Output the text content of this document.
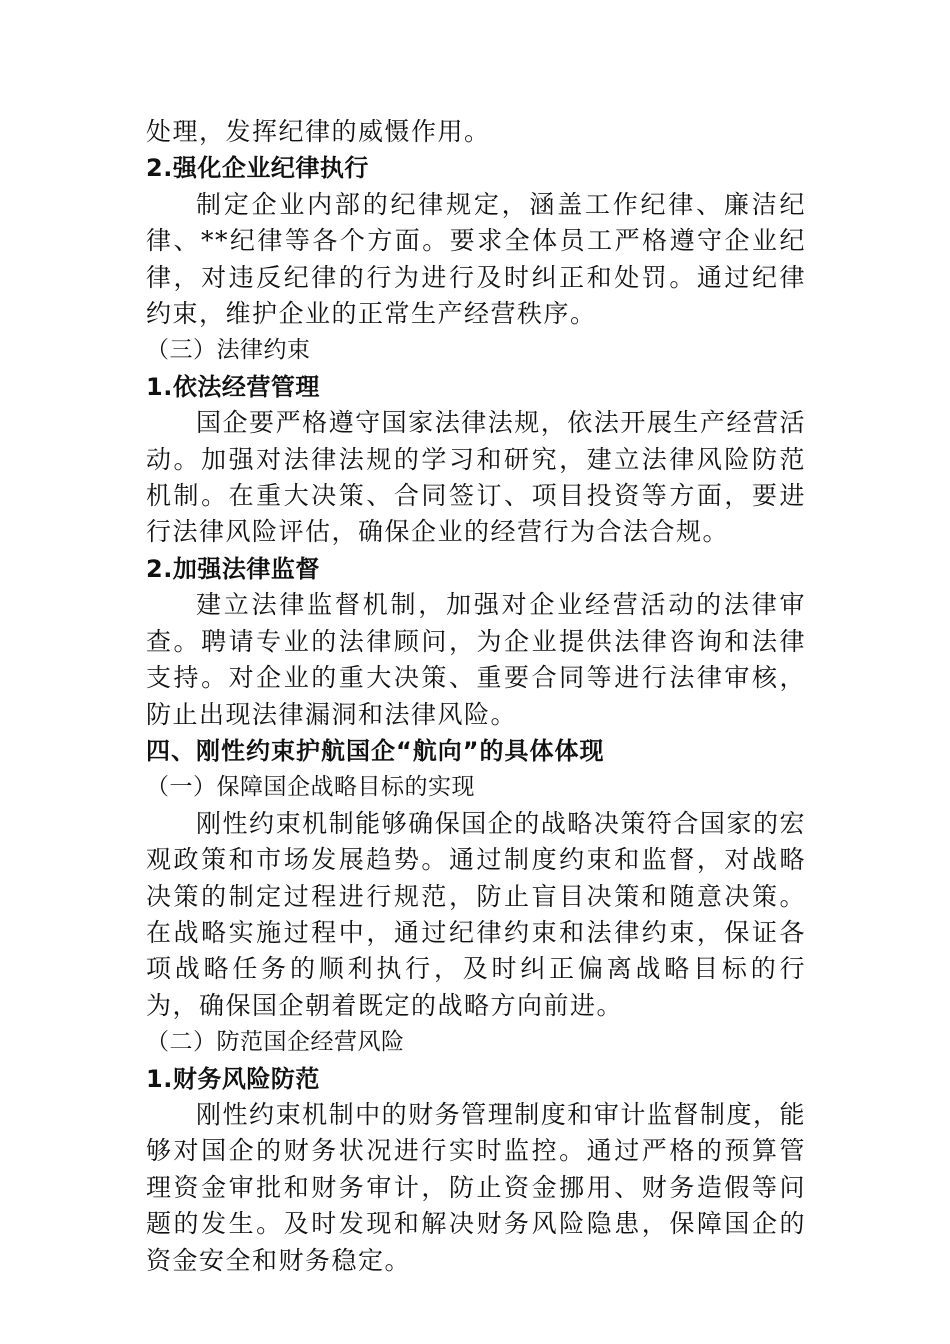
处理，发挥纪律的威慑作用。

2.强化企业纪律执行

制定企业内部的纪律规定，涵盖工作纪律、廉洁纪律、**纪律等各个方面。要求全体员工严格遵守企业纪律，对违反纪律的行为进行及时纠正和处罚。通过纪律约束，维护企业的正常生产经营秩序。

（三）法律约束
1.依法经营管理

国企要严格遵守国家法律法规，依法开展生产经营活动。加强对法律法规的学习和研究，建立法律风险防范机制。在重大决策、合同签订、项目投资等方面，要进行法律风险评估，确保企业的经营行为合法合规。

2.加强法律监督

建立法律监督机制，加强对企业经营活动的法律审查。聘请专业的法律顾问，为企业提供法律咨询和法律支持。对企业的重大决策、重要合同等进行法律审核，防止出现法律漏洞和法律风险。

四、刚性约束护航国企“航向”的具体体现
（一）保障国企战略目标的实现

刚性约束机制能够确保国企的战略决策符合国家的宏观政策和市场发展趋势。通过制度约束和监督，对战略决策的制定过程进行规范，防止盲目决策和随意决策。在战略实施过程中，通过纪律约束和法律约束，保证各项战略任务的顺利执行，及时纠正偏离战略目标的行为，确保国企朝着既定的战略方向前进。

（二）防范国企经营风险
1.财务风险防范

刚性约束机制中的财务管理制度和审计监督制度，能够对国企的财务状况进行实时监控。通过严格的预算管理资金审批和财务审计，防止资金挪用、财务造假等问题的发生。及时发现和解决财务风险隐患，保障国企的资金安全和财务稳定。
